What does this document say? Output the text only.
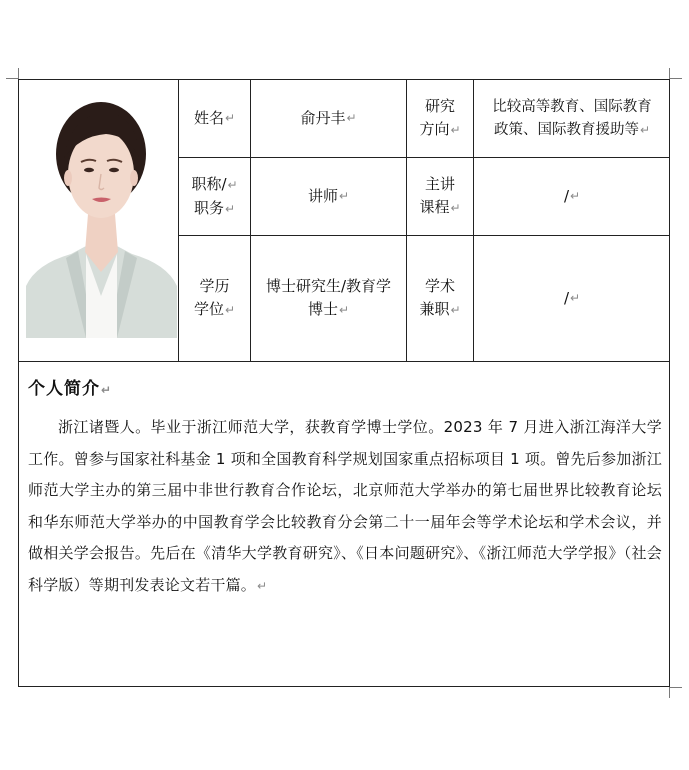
姓名 ↵	俞丹丰 ↵
研究
方向↵
比较高等教育、国际教育
政策、国际教育援助等↵
职称/↵
职务↵
讲师 ↵
主讲
课程↵
/ ↵
学历
学位↵
博士研究生/教育学
博士↵
学术
兼职↵
/ ↵
个人简介↵
浙江诸暨人。毕业于浙江师范大学，获教育学博士学位。2023 年 7 月进入浙江海洋大学工作。曾参与国家社科基金 1 项和全国教育科学规划国家重点招标项目 1 项。曾先后参加浙江师范大学主办的第三届中非世行教育合作论坛，北京师范大学举办的第七届世界比较教育论坛和华东师范大学举办的中国教育学会比较教育分会第二十一届年会等学术论坛和学术会议，并做相关学会报告。先后在《清华大学教育研究》、《日本问题研究》、《浙江师范大学学报》（社会科学版）等期刊发表论文若干篇。↵
